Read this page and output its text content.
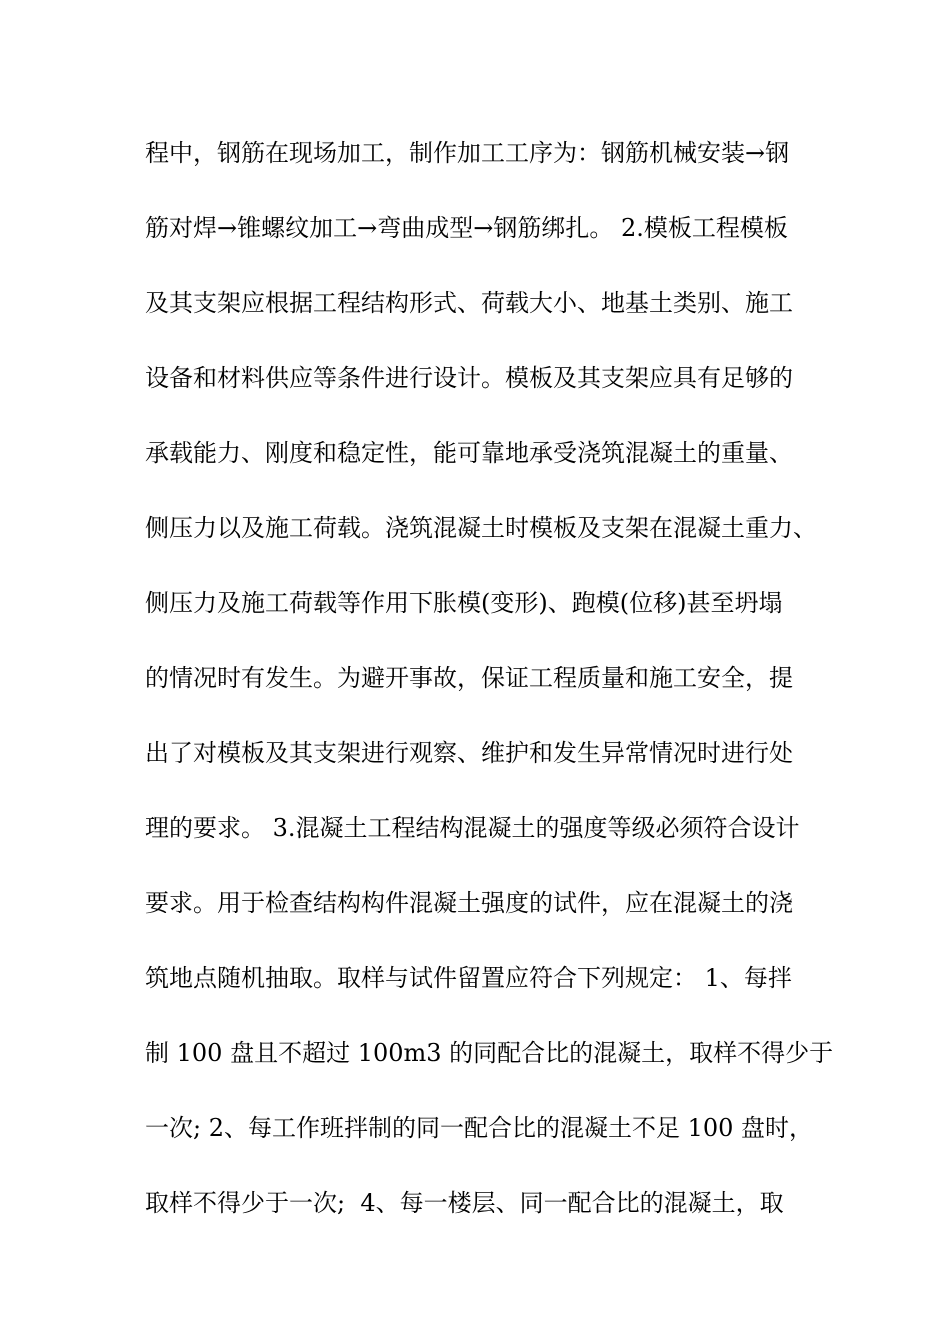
程中，钢筋在现场加工，制作加工工序为：钢筋机械安装→钢
筋对焊→锥螺纹加工→弯曲成型→钢筋绑扎。 2.模板工程模板
及其支架应根据工程结构形式、荷载大小、地基土类别、施工
设备和材料供应等条件进行设计。模板及其支架应具有足够的
承载能力、刚度和稳定性，能可靠地承受浇筑混凝土的重量、
侧压力以及施工荷载。浇筑混凝土时模板及支架在混凝土重力、
侧压力及施工荷载等作用下胀模(变形)、跑模(位移)甚至坍塌
的情况时有发生。为避开事故，保证工程质量和施工安全，提
出了对模板及其支架进行观察、维护和发生异常情况时进行处
理的要求。 3.混凝土工程结构混凝土的强度等级必须符合设计
要求。用于检查结构构件混凝土强度的试件，应在混凝土的浇
筑地点随机抽取。取样与试件留置应符合下列规定： 1、每拌
制 100 盘且不超过 100m3 的同配合比的混凝土，取样不得少于
一次; 2、每工作班拌制的同一配合比的混凝土不足 100 盘时，
取样不得少于一次;  4、每一楼层、同一配合比的混凝土，取
